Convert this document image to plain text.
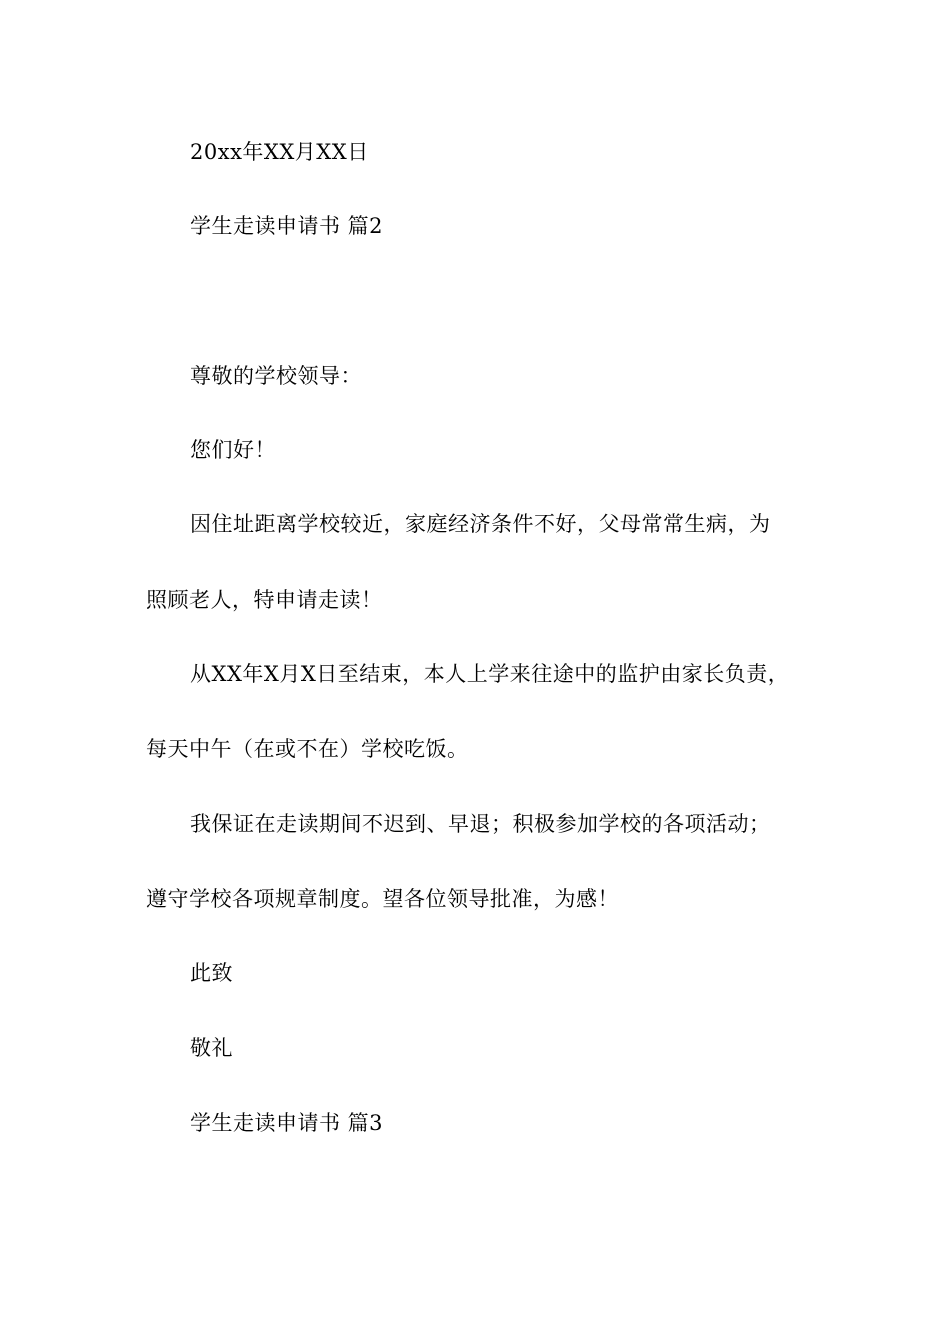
20xx年XX月XX日
学生走读申请书 篇2
尊敬的学校领导：
您们好！
因住址距离学校较近，家庭经济条件不好，父母常常生病，为
照顾老人，特申请走读！
从XX年X月X日至结束，本人上学来往途中的监护由家长负责，
每天中午（在或不在）学校吃饭。
我保证在走读期间不迟到、早退；积极参加学校的各项活动；
遵守学校各项规章制度。望各位领导批准，为感！
此致
敬礼
学生走读申请书 篇3
